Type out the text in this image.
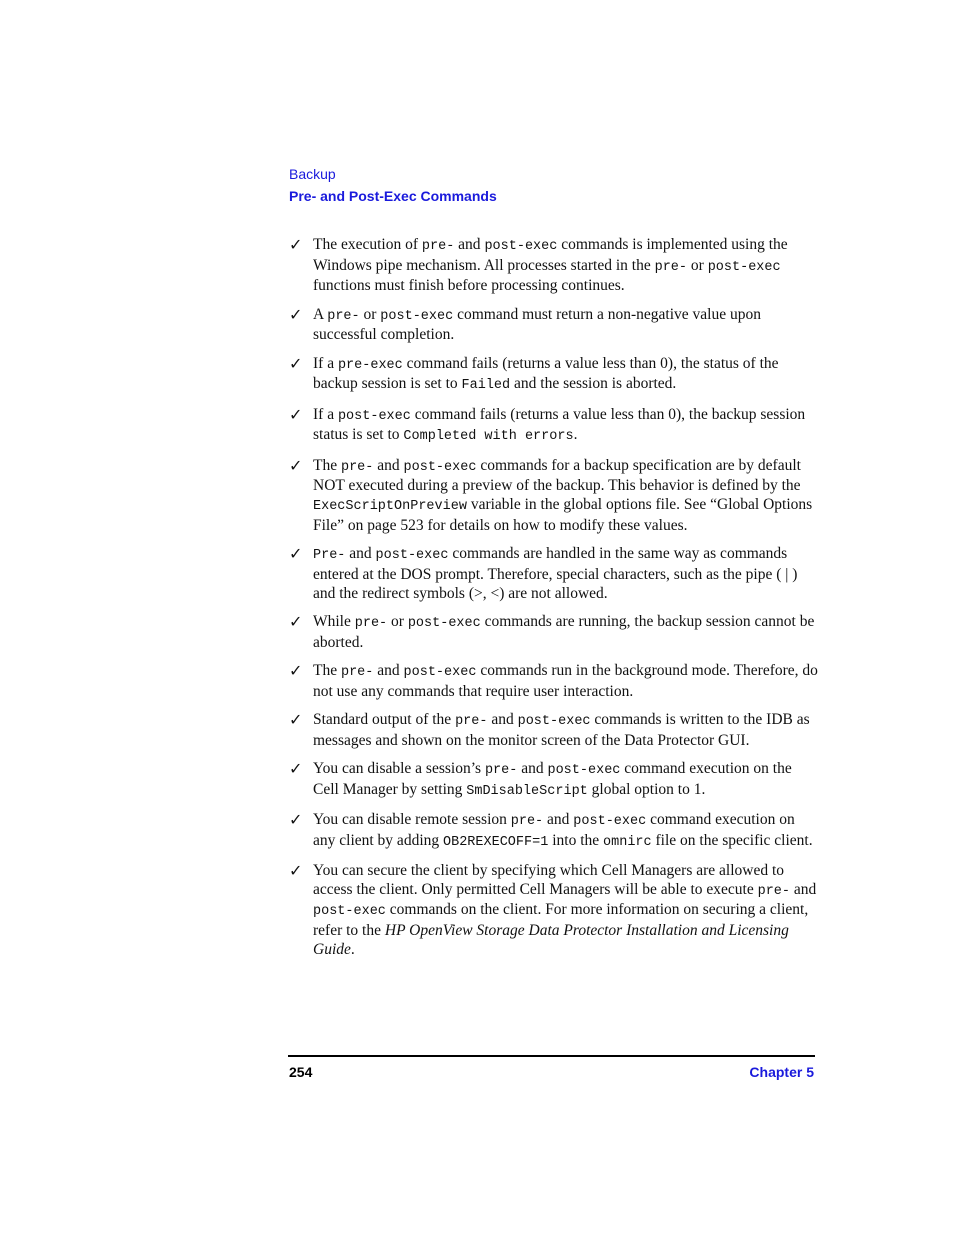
Backup
Pre- and Post-Exec Commands
✓ The execution of pre- and post-exec commands is implemented using the Windows pipe mechanism. All processes started in the pre- or post-exec functions must finish before processing continues.
✓ A pre- or post-exec command must return a non-negative value upon successful completion.
✓ If a pre-exec command fails (returns a value less than 0), the status of the backup session is set to Failed and the session is aborted.
✓ If a post-exec command fails (returns a value less than 0), the backup session status is set to Completed with errors.
✓ The pre- and post-exec commands for a backup specification are by default NOT executed during a preview of the backup. This behavior is defined by the ExecScriptOnPreview variable in the global options file. See “Global Options File” on page 523 for details on how to modify these values.
✓ Pre- and post-exec commands are handled in the same way as commands entered at the DOS prompt. Therefore, special characters, such as the pipe ( | ) and the redirect symbols (>, <) are not allowed.
✓ While pre- or post-exec commands are running, the backup session cannot be aborted.
✓ The pre- and post-exec commands run in the background mode. Therefore, do not use any commands that require user interaction.
✓ Standard output of the pre- and post-exec commands is written to the IDB as messages and shown on the monitor screen of the Data Protector GUI.
✓ You can disable a session’s pre- and post-exec command execution on the Cell Manager by setting SmDisableScript global option to 1.
✓ You can disable remote session pre- and post-exec command execution on any client by adding OB2REXECOFF=1 into the omnirc file on the specific client.
✓ You can secure the client by specifying which Cell Managers are allowed to access the client. Only permitted Cell Managers will be able to execute pre- and post-exec commands on the client. For more information on securing a client, refer to the HP OpenView Storage Data Protector Installation and Licensing Guide.
254	Chapter 5
